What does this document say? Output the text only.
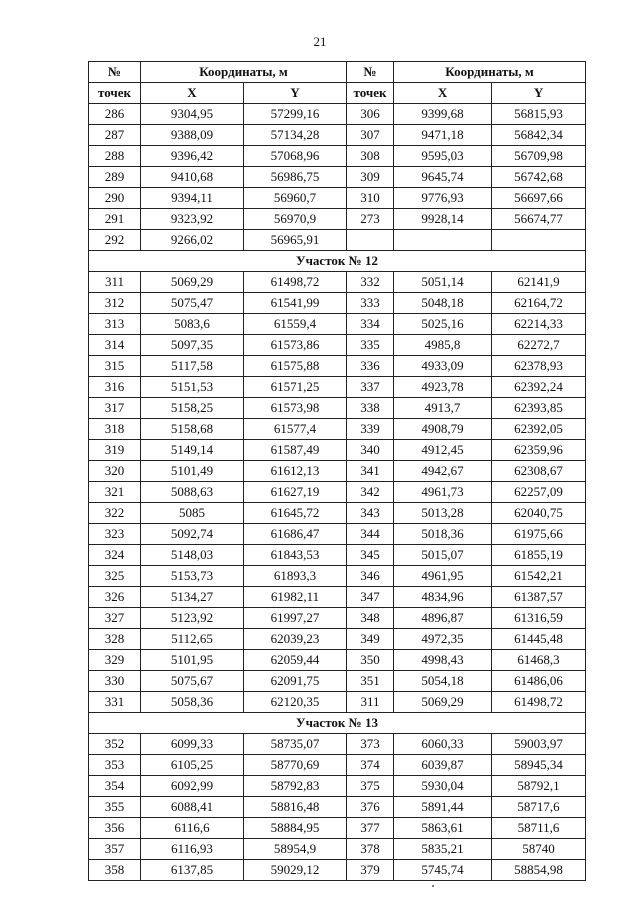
21
№	Координаты, м		№	Координаты, м	
точек	X	Y	точек	X	Y
286	9304,95	57299,16	306	9399,68	56815,93
287	9388,09	57134,28	307	9471,18	56842,34
288	9396,42	57068,96	308	9595,03	56709,98
289	9410,68	56986,75	309	9645,74	56742,68
290	9394,11	56960,7	310	9776,93	56697,66
291	9323,92	56970,9	273	9928,14	56674,77
292	9266,02	56965,91			
Участок № 12					
311	5069,29	61498,72	332	5051,14	62141,9
312	5075,47	61541,99	333	5048,18	62164,72
313	5083,6	61559,4	334	5025,16	62214,33
314	5097,35	61573,86	335	4985,8	62272,7
315	5117,58	61575,88	336	4933,09	62378,93
316	5151,53	61571,25	337	4923,78	62392,24
317	5158,25	61573,98	338	4913,7	62393,85
318	5158,68	61577,4	339	4908,79	62392,05
319	5149,14	61587,49	340	4912,45	62359,96
320	5101,49	61612,13	341	4942,67	62308,67
321	5088,63	61627,19	342	4961,73	62257,09
322	5085	61645,72	343	5013,28	62040,75
323	5092,74	61686,47	344	5018,36	61975,66
324	5148,03	61843,53	345	5015,07	61855,19
325	5153,73	61893,3	346	4961,95	61542,21
326	5134,27	61982,11	347	4834,96	61387,57
327	5123,92	61997,27	348	4896,87	61316,59
328	5112,65	62039,23	349	4972,35	61445,48
329	5101,95	62059,44	350	4998,43	61468,3
330	5075,67	62091,75	351	5054,18	61486,06
331	5058,36	62120,35	311	5069,29	61498,72
Участок № 13					
352	6099,33	58735,07	373	6060,33	59003,97
353	6105,25	58770,69	374	6039,87	58945,34
354	6092,99	58792,83	375	5930,04	58792,1
355	6088,41	58816,48	376	5891,44	58717,6
356	6116,6	58884,95	377	5863,61	58711,6
357	6116,93	58954,9	378	5835,21	58740
358	6137,85	59029,12	379	5745,74	58854,98
